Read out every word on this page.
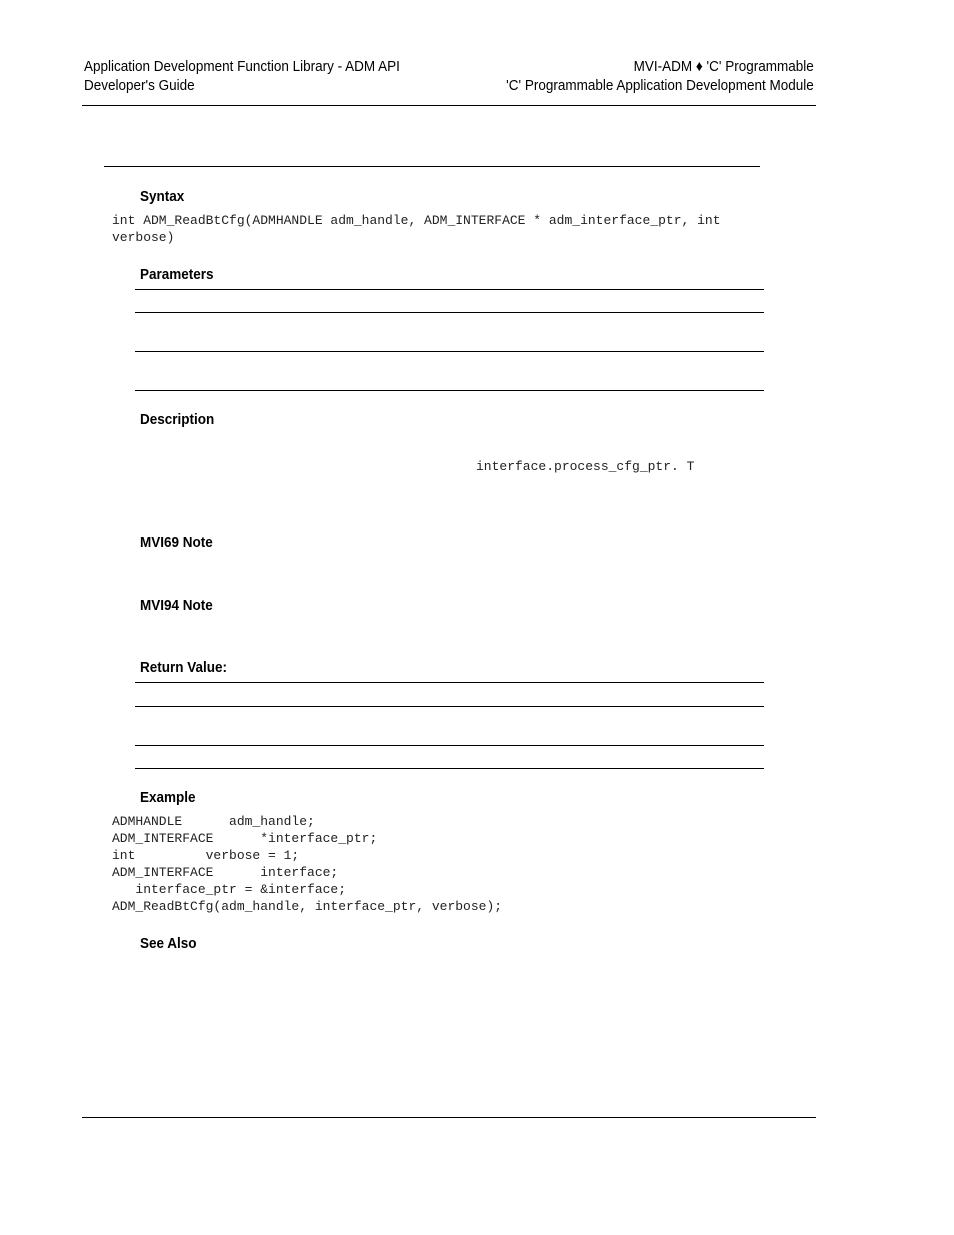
Application Development Function Library - ADM API
Developer's Guide
MVI-ADM ♦ 'C' Programmable
'C' Programmable Application Development Module
Syntax
int ADM_ReadBtCfg(ADMHANDLE adm_handle, ADM_INTERFACE * adm_interface_ptr, int
verbose)
Parameters
Description
interface.process_cfg_ptr. T
MVI69 Note
MVI94 Note
Return Value:
Example
ADMHANDLE      adm_handle;
ADM_INTERFACE      *interface_ptr;
int         verbose = 1;
ADM_INTERFACE      interface;
interface_ptr = &interface;
ADM_ReadBtCfg(adm_handle, interface_ptr, verbose);
See Also
